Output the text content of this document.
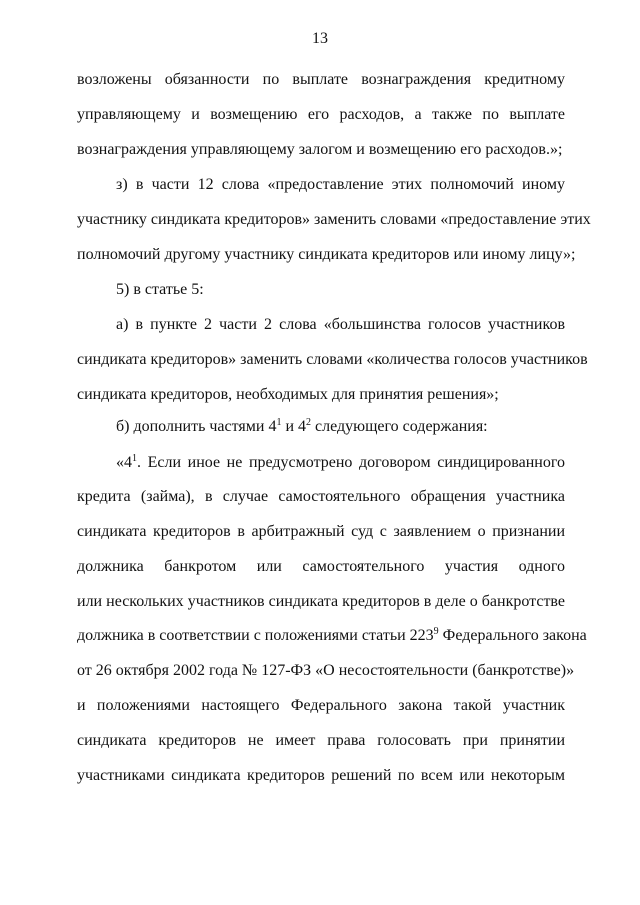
13
возложены обязанности по выплате вознаграждения кредитному
управляющему и возмещению его расходов, а также по выплате
вознаграждения управляющему залогом и возмещению его расходов.»;
з) в части 12 слова «предоставление этих полномочий иному
участнику синдиката кредиторов» заменить словами «предоставление этих
полномочий другому участнику синдиката кредиторов или иному лицу»;
5) в статье 5:
а) в пункте 2 части 2 слова «большинства голосов участников
синдиката кредиторов» заменить словами «количества голосов участников
синдиката кредиторов, необходимых для принятия решения»;
б) дополнить частями $4^1$ и $4^2$ следующего содержания:
«$4^1$. Если иное не предусмотрено договором синдицированного
кредита (займа), в случае самостоятельного обращения участника
синдиката кредиторов в арбитражный суд с заявлением о признании
должника банкротом или самостоятельного участия одного
или нескольких участников синдиката кредиторов в деле о банкротстве
должника в соответствии с положениями статьи $223^9$ Федерального закона
от 26 октября 2002 года № 127-ФЗ «О несостоятельности (банкротстве)»
и положениями настоящего Федерального закона такой участник
синдиката кредиторов не имеет права голосовать при принятии
участниками синдиката кредиторов решений по всем или некоторым
